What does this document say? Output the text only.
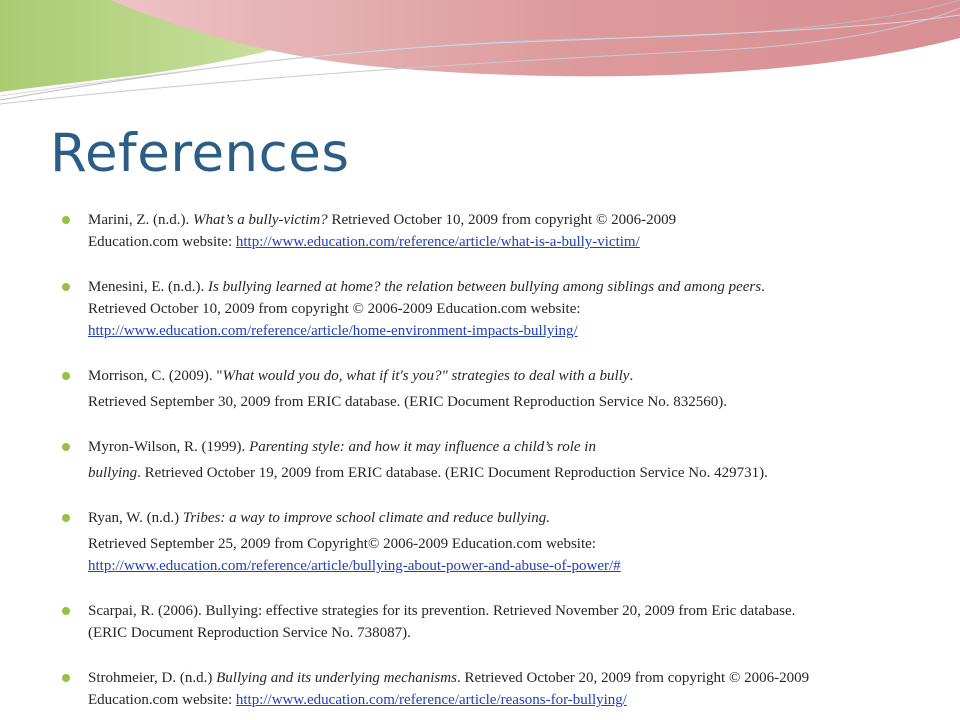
References
Marini, Z. (n.d.). What’s a bully-victim? Retrieved October 10, 2009 from copyright © 2006-2009
Education.com website: http://www.education.com/reference/article/what-is-a-bully-victim/
Menesini, E. (n.d.). Is bullying learned at home? the relation between bullying among siblings and among peers.
Retrieved October 10, 2009 from copyright © 2006-2009 Education.com website:
http://www.education.com/reference/article/home-environment-impacts-bullying/
Morrison, C. (2009). "What would you do, what if it's you?" strategies to deal with a bully.
Retrieved September 30, 2009 from ERIC database. (ERIC Document Reproduction Service No. 832560).
Myron-Wilson, R. (1999). Parenting style: and how it may influence a child’s role in
bullying. Retrieved October 19, 2009 from ERIC database. (ERIC Document Reproduction Service No. 429731).
Ryan, W. (n.d.) Tribes: a way to improve school climate and reduce bullying.
Retrieved September 25, 2009 from Copyright© 2006-2009 Education.com website:
http://www.education.com/reference/article/bullying-about-power-and-abuse-of-power/#
Scarpai, R. (2006). Bullying: effective strategies for its prevention. Retrieved November 20, 2009 from Eric database.
(ERIC Document Reproduction Service No. 738087).
Strohmeier, D. (n.d.) Bullying and its underlying mechanisms. Retrieved October 20, 2009 from copyright © 2006-2009
Education.com website: http://www.education.com/reference/article/reasons-for-bullying/
